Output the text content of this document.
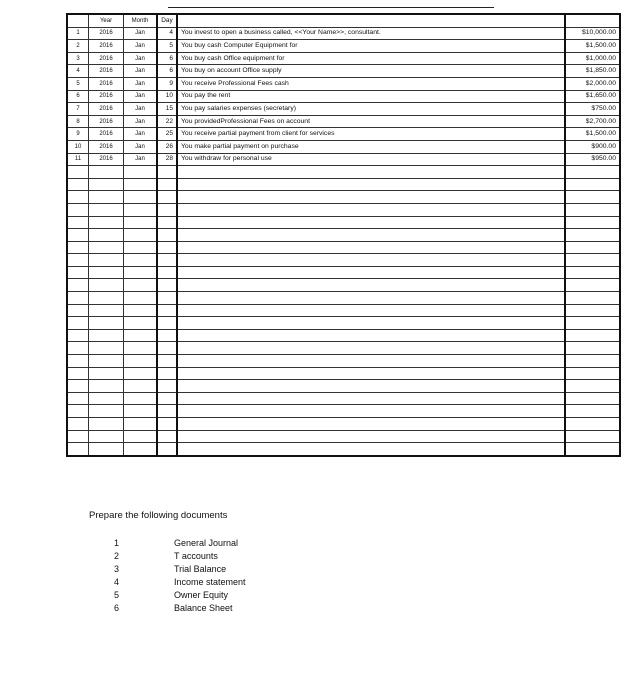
	Year	Month	Day		
1	2016	Jan	4	You invest to open a business called, <<Your Name>>, consultant.	$10,000.00
2	2016	Jan	5	You buy cash Computer Equipment for	$1,500.00
3	2016	Jan	6	You buy cash Office equipment for	$1,000.00
4	2016	Jan	6	You buy on account Office supply	$1,850.00
5	2016	Jan	9	You receive Professional Fees cash	$2,000.00
6	2016	Jan	10	You pay the rent	$1,650.00
7	2016	Jan	15	You pay salaries expenses (secretary)	$750.00
8	2016	Jan	22	You providedProfessional Fees on account	$2,700.00
9	2016	Jan	25	You receive partial payment from client for services	$1,500.00
10	2016	Jan	26	You make partial payment on purchase	$900.00
11	2016	Jan	28	You withdraw for personal use	$950.00

Prepare the following documents
1	General Journal
2	T accounts
3	Trial Balance
4	Income statement
5	Owner Equity
6	Balance Sheet
